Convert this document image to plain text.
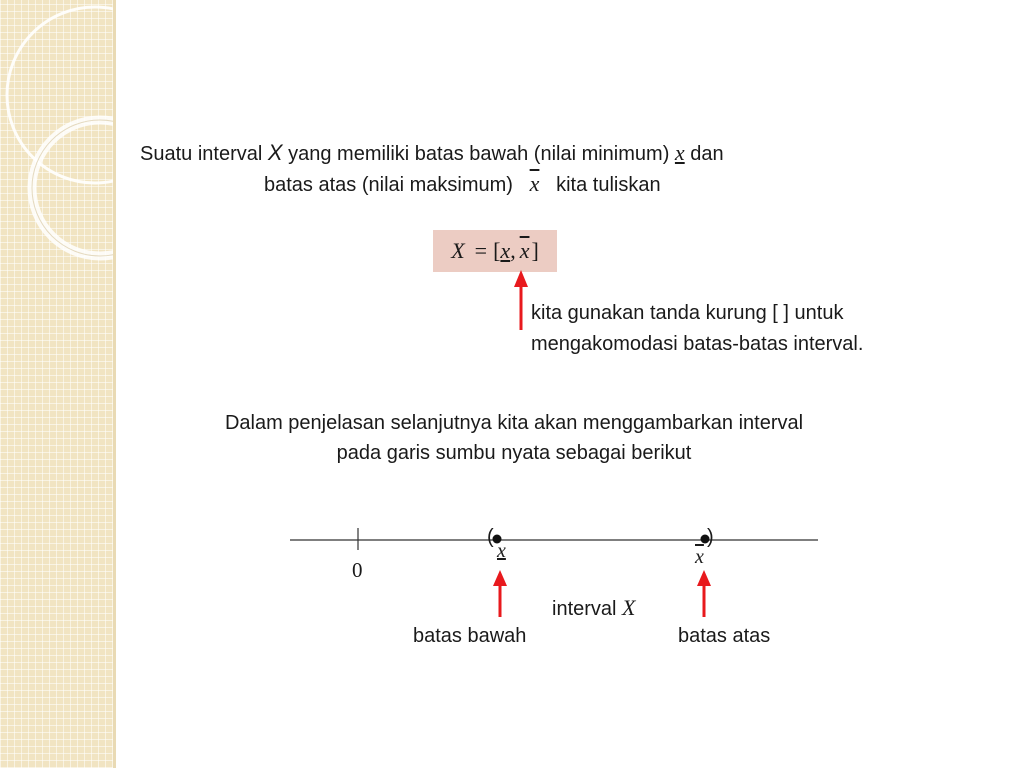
Suatu interval X yang memiliki batas bawah (nilai minimum) x dan
batas atas (nilai maksimum) $\overline{x}$ kita tuliskan
X = [ x , $\overline{x}$ ]
kita gunakan tanda kurung [ ] untuk
mengakomodasi batas-batas interval.
Dalam penjelasan selanjutnya kita akan menggambarkan interval
pada garis sumbu nyata sebagai berikut
0
(	)
x	$\overline{x}$
interval X
batas bawah	batas atas
